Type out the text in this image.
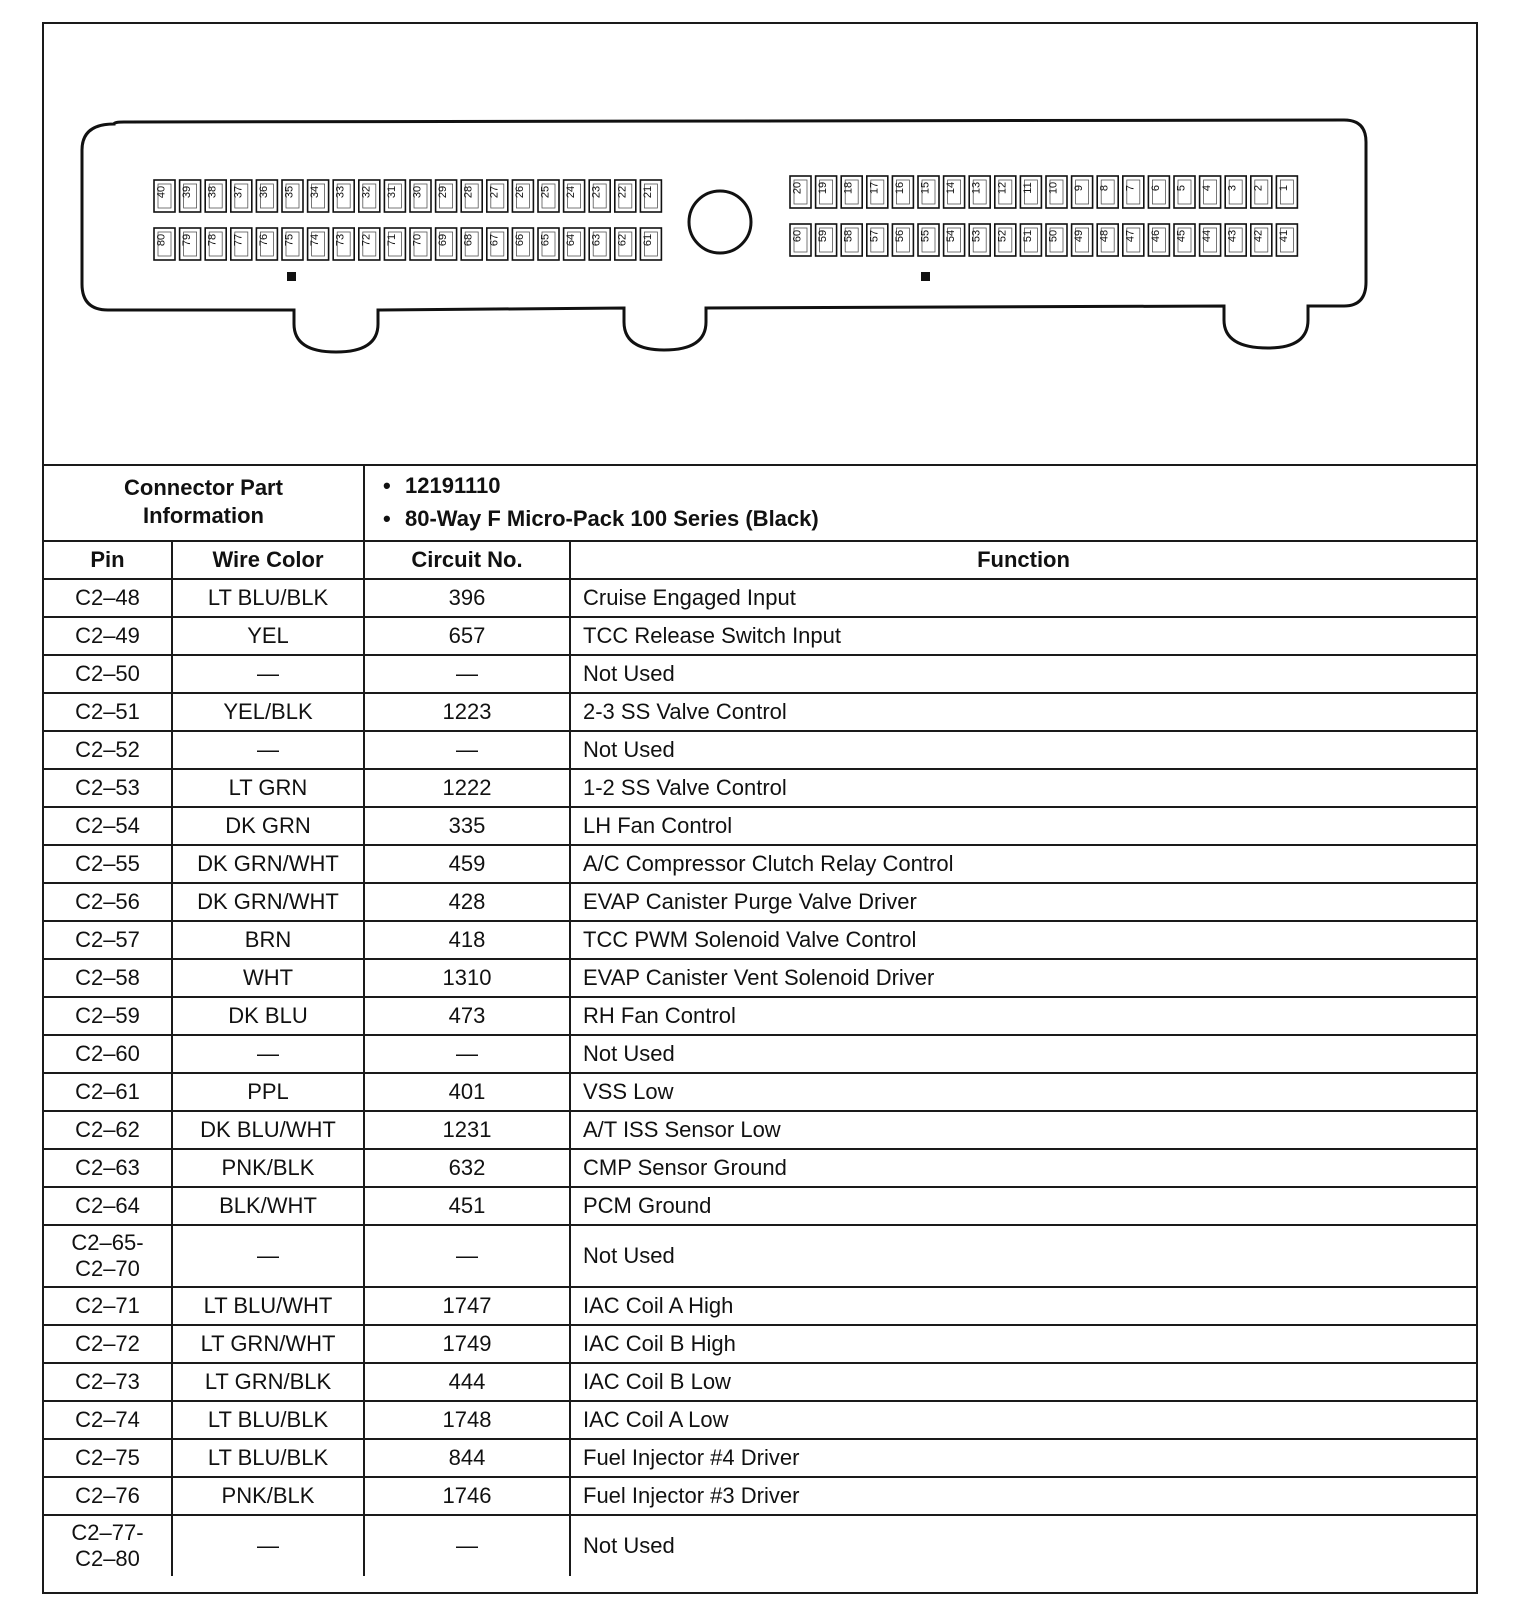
40 39 38 37 36 35 34 33 32 31 30 29 28 27 26 25 24 23 22 21
80 79 78 77 76 75 74 73 72 71 70 69 68 67 66 65 64 63 62 61
20 19 18 17 16 15 14 13 12 11 10 9 8 7 6 5 4 3 2 1
60 59 58 57 56 55 54 53 52 51 50 49 48 47 46 45 44 43 42 41
Connector Part Information		• 12191110
• 80-Way F Micro-Pack 100 Series (Black)	

Pin	Wire Color	Circuit No.	Function
C2–48	LT BLU/BLK	396	Cruise Engaged Input
C2–49	YEL	657	TCC Release Switch Input
C2–50	—	—	Not Used
C2–51	YEL/BLK	1223	2-3 SS Valve Control
C2–52	—	—	Not Used
C2–53	LT GRN	1222	1-2 SS Valve Control
C2–54	DK GRN	335	LH Fan Control
C2–55	DK GRN/WHT	459	A/C Compressor Clutch Relay Control
C2–56	DK GRN/WHT	428	EVAP Canister Purge Valve Driver
C2–57	BRN	418	TCC PWM Solenoid Valve Control
C2–58	WHT	1310	EVAP Canister Vent Solenoid Driver
C2–59	DK BLU	473	RH Fan Control
C2–60	—	—	Not Used
C2–61	PPL	401	VSS Low
C2–62	DK BLU/WHT	1231	A/T ISS Sensor Low
C2–63	PNK/BLK	632	CMP Sensor Ground
C2–64	BLK/WHT	451	PCM Ground

C2–65-
C2–70	—	—	Not Used
C2–71	LT BLU/WHT	1747	IAC Coil A High
C2–72	LT GRN/WHT	1749	IAC Coil B High
C2–73	LT GRN/BLK	444	IAC Coil B Low
C2–74	LT BLU/BLK	1748	IAC Coil A Low
C2–75	LT BLU/BLK	844	Fuel Injector #4 Driver
C2–76	PNK/BLK	1746	Fuel Injector #3 Driver

C2–77-
C2–80	—	—	Not Used
